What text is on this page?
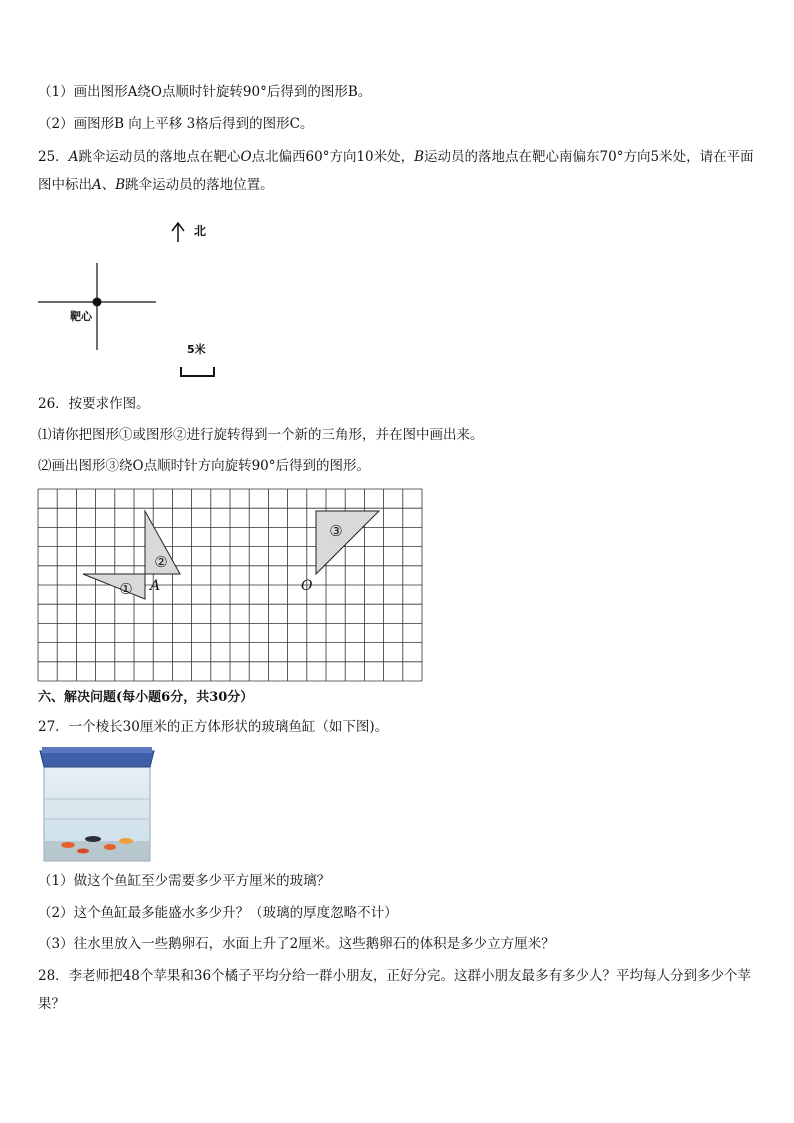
（1）画出图形A绕O点顺时针旋转90°后得到的图形B。
（2）画图形B 向上平移 3格后得到的图形C。
25．A跳伞运动员的落地点在靶心O点北偏西60°方向10米处，B运动员的落地点在靶心南偏东70°方向5米处，请在平面图中标出A、B跳伞运动员的落地位置。
北
靶心
5米
26．按要求作图。
⑴请你把图形①或图形②进行旋转得到一个新的三角形，并在图中画出来。
⑵画出图形③绕O点顺时针方向旋转90°后得到的图形。
①
②
③
A	O
六、解决问题(每小题6分，共30分）
27．一个棱长30厘米的正方体形状的玻璃鱼缸（如下图)。
（1）做这个鱼缸至少需要多少平方厘米的玻璃？
（2）这个鱼缸最多能盛水多少升？（玻璃的厚度忽略不计）
（3）往水里放入一些鹅卵石，水面上升了2厘米。这些鹅卵石的体积是多少立方厘米？
28．李老师把48个苹果和36个橘子平均分给一群小朋友，正好分完。这群小朋友最多有多少人？平均每人分到多少个苹果？
